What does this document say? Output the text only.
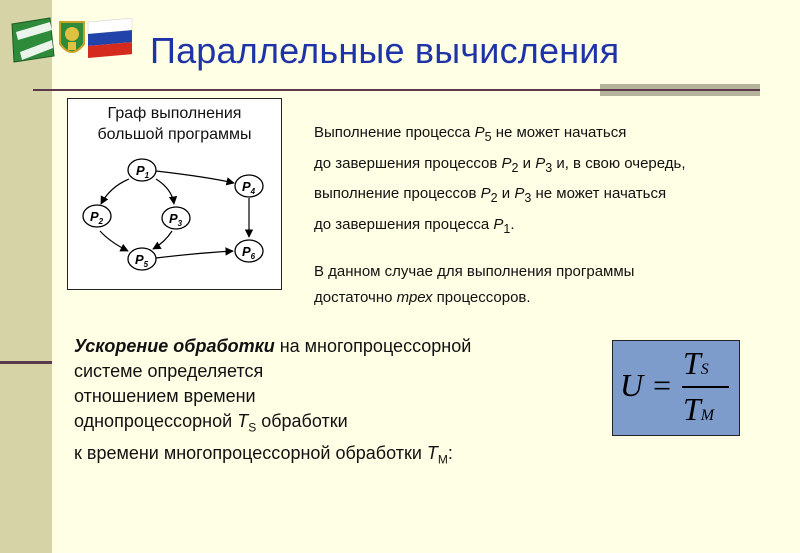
Параллельные вычисления
Граф выполнения
большой программы
$P_1$
$P_2$	$P_3$
$P_4$
$P_5$
$P_6$

Выполнение процесса $P_5$ не может начаться

до завершения процессов $P_2$ и $P_3$ и, в свою очередь,

выполнение процессов $P_2$ и $P_3$ не может начаться

до завершения процесса $P_1$.

В данном случае для выполнения программы

достаточно трех процессоров.

Ускорение обработки на многопроцессорной

системе определяется

отношением времени

однопроцессорной $T_S$ обработки

к времени многопроцессорной обработки $T_M$:

U =
TS
TM
